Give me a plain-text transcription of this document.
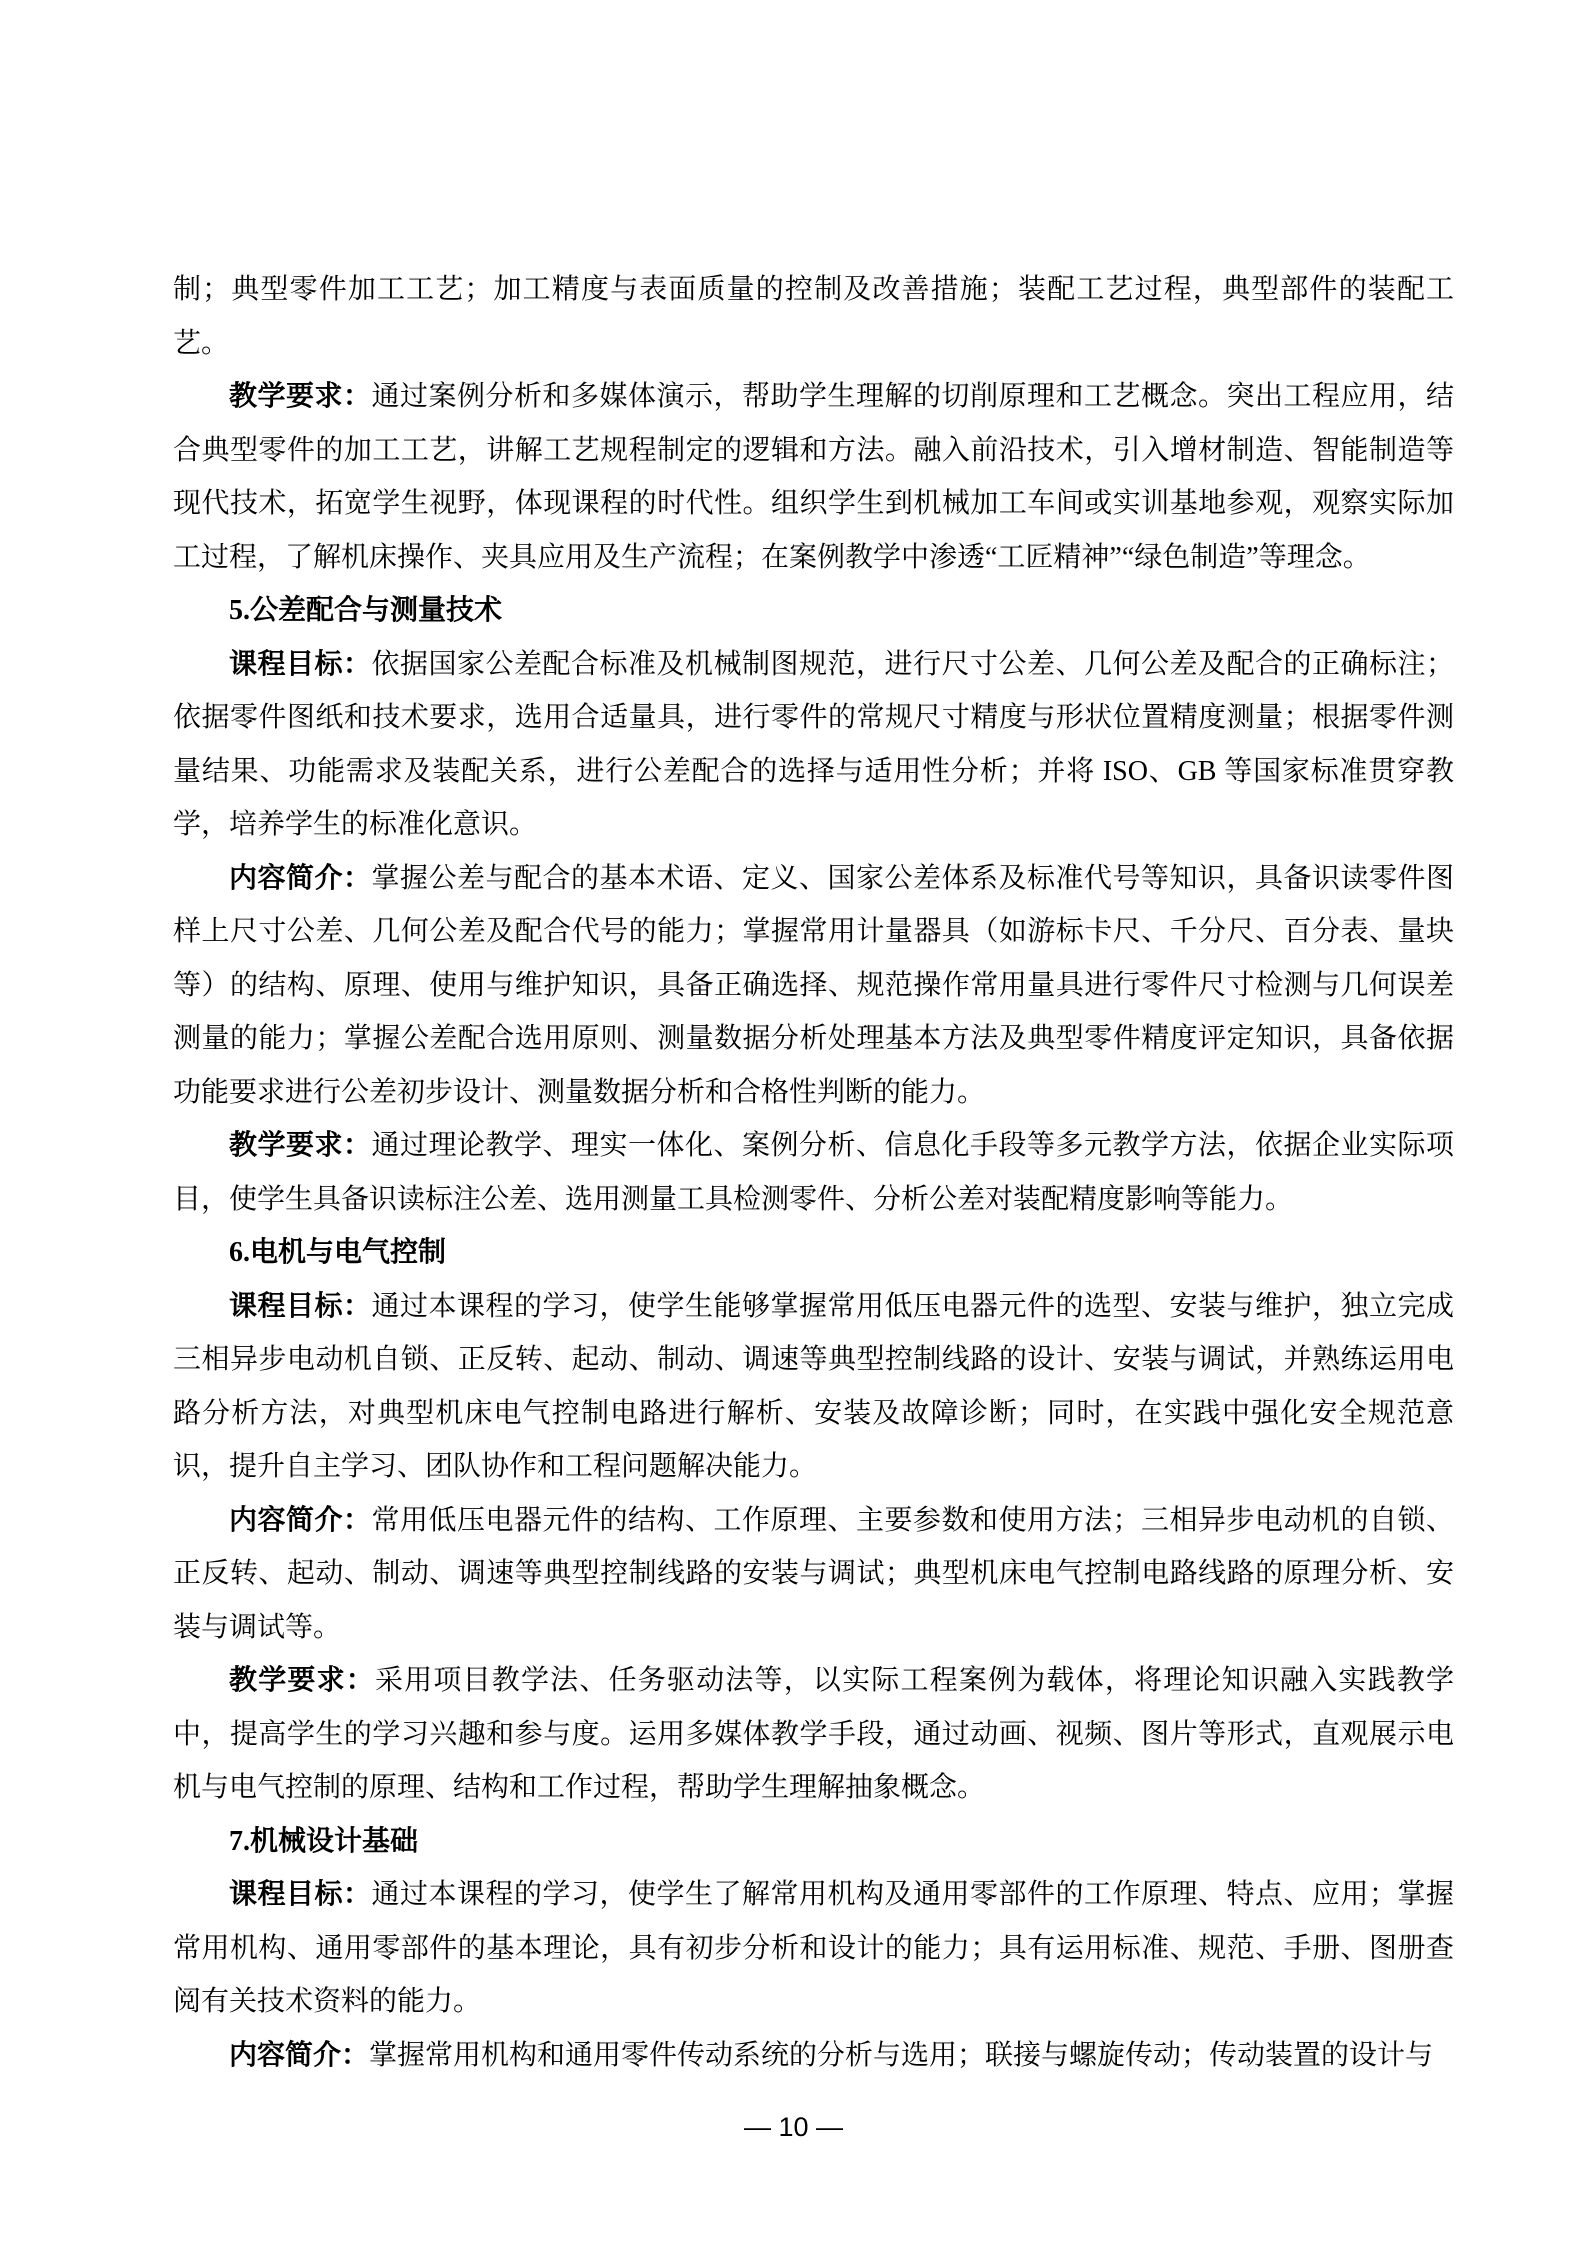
制；典型零件加工工艺；加工精度与表面质量的控制及改善措施；装配工艺过程，典型部件的装配工艺。

教学要求：通过案例分析和多媒体演示，帮助学生理解的切削原理和工艺概念。突出工程应用，结合典型零件的加工工艺，讲解工艺规程制定的逻辑和方法。融入前沿技术，引入增材制造、智能制造等现代技术，拓宽学生视野，体现课程的时代性。组织学生到机械加工车间或实训基地参观，观察实际加工过程，了解机床操作、夹具应用及生产流程；在案例教学中渗透“工匠精神”“绿色制造”等理念。

5.公差配合与测量技术

课程目标：依据国家公差配合标准及机械制图规范，进行尺寸公差、几何公差及配合的正确标注；依据零件图纸和技术要求，选用合适量具，进行零件的常规尺寸精度与形状位置精度测量；根据零件测量结果、功能需求及装配关系，进行公差配合的选择与适用性分析；并将 ISO、GB 等国家标准贯穿教学，培养学生的标准化意识。

内容简介：掌握公差与配合的基本术语、定义、国家公差体系及标准代号等知识，具备识读零件图样上尺寸公差、几何公差及配合代号的能力；掌握常用计量器具（如游标卡尺、千分尺、百分表、量块等）的结构、原理、使用与维护知识，具备正确选择、规范操作常用量具进行零件尺寸检测与几何误差测量的能力；掌握公差配合选用原则、测量数据分析处理基本方法及典型零件精度评定知识，具备依据功能要求进行公差初步设计、测量数据分析和合格性判断的能力。

教学要求：通过理论教学、理实一体化、案例分析、信息化手段等多元教学方法，依据企业实际项目，使学生具备识读标注公差、选用测量工具检测零件、分析公差对装配精度影响等能力。

6.电机与电气控制

课程目标：通过本课程的学习，使学生能够掌握常用低压电器元件的选型、安装与维护，独立完成三相异步电动机自锁、正反转、起动、制动、调速等典型控制线路的设计、安装与调试，并熟练运用电路分析方法，对典型机床电气控制电路进行解析、安装及故障诊断；同时，在实践中强化安全规范意识，提升自主学习、团队协作和工程问题解决能力。

内容简介：常用低压电器元件的结构、工作原理、主要参数和使用方法；三相异步电动机的自锁、正反转、起动、制动、调速等典型控制线路的安装与调试；典型机床电气控制电路线路的原理分析、安装与调试等。

教学要求：采用项目教学法、任务驱动法等，以实际工程案例为载体，将理论知识融入实践教学中，提高学生的学习兴趣和参与度。运用多媒体教学手段，通过动画、视频、图片等形式，直观展示电机与电气控制的原理、结构和工作过程，帮助学生理解抽象概念。

7.机械设计基础

课程目标：通过本课程的学习，使学生了解常用机构及通用零部件的工作原理、特点、应用；掌握常用机构、通用零部件的基本理论，具有初步分析和设计的能力；具有运用标准、规范、手册、图册查阅有关技术资料的能力。

内容简介：掌握常用机构和通用零件传动系统的分析与选用；联接与螺旋传动；传动装置的设计与

— 10 —
